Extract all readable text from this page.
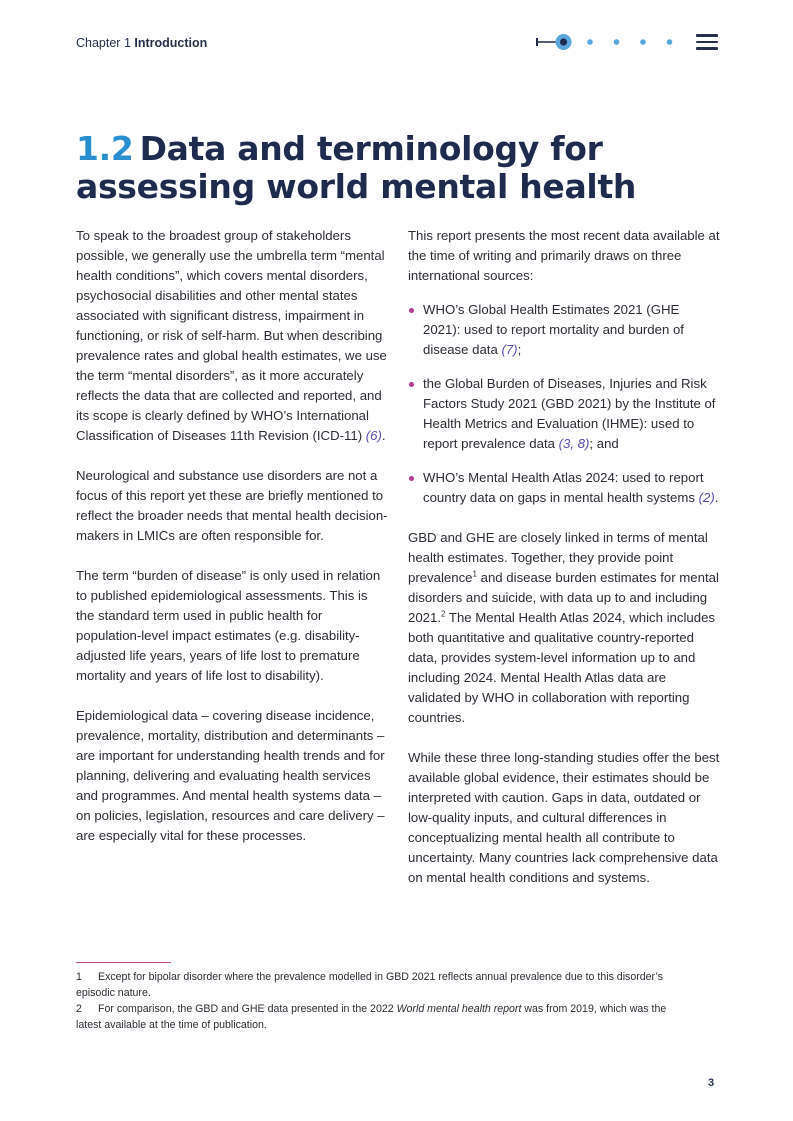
Chapter 1 Introduction
1.2 Data and terminology for assessing world mental health

To speak to the broadest group of stakeholders possible, we generally use the umbrella term “mental health conditions”, which covers mental disorders, psychosocial disabilities and other mental states associated with significant distress, impairment in functioning, or risk of self-harm. But when describing prevalence rates and global health estimates, we use the term “mental disorders”, as it more accurately reflects the data that are collected and reported, and its scope is clearly defined by WHO’s International Classification of Diseases 11th Revision (ICD-11) (6).

Neurological and substance use disorders are not a focus of this report yet these are briefly mentioned to reflect the broader needs that mental health decision-makers in LMICs are often responsible for.

The term “burden of disease” is only used in relation to published epidemiological assessments. This is the standard term used in public health for population-level impact estimates (e.g. disability-adjusted life years, years of life lost to premature mortality and years of life lost to disability).

Epidemiological data – covering disease incidence, prevalence, mortality, distribution and determinants – are important for understanding health trends and for planning, delivering and evaluating health services and programmes. And mental health systems data – on policies, legislation, resources and care delivery – are especially vital for these processes.

This report presents the most recent data available at the time of writing and primarily draws on three international sources:

WHO’s Global Health Estimates 2021 (GHE 2021): used to report mortality and burden of disease data (7);
the Global Burden of Diseases, Injuries and Risk Factors Study 2021 (GBD 2021) by the Institute of Health Metrics and Evaluation (IHME): used to report prevalence data (3, 8); and
WHO’s Mental Health Atlas 2024: used to report country data on gaps in mental health systems (2).

GBD and GHE are closely linked in terms of mental health estimates. Together, they provide point prevalence$^1$ and disease burden estimates for mental disorders and suicide, with data up to and including 2021.$^2$ The Mental Health Atlas 2024, which includes both quantitative and qualitative country-reported data, provides system-level information up to and including 2024. Mental Health Atlas data are validated by WHO in collaboration with reporting countries.

While these three long-standing studies offer the best available global evidence, their estimates should be interpreted with caution. Gaps in data, outdated or low-quality inputs, and cultural differences in conceptualizing mental health all contribute to uncertainty. Many countries lack comprehensive data on mental health conditions and systems.

1 Except for bipolar disorder where the prevalence modelled in GBD 2021 reflects annual prevalence due to this disorder’s episodic nature.

2 For comparison, the GBD and GHE data presented in the 2022 World mental health report was from 2019, which was the latest available at the time of publication.

3
